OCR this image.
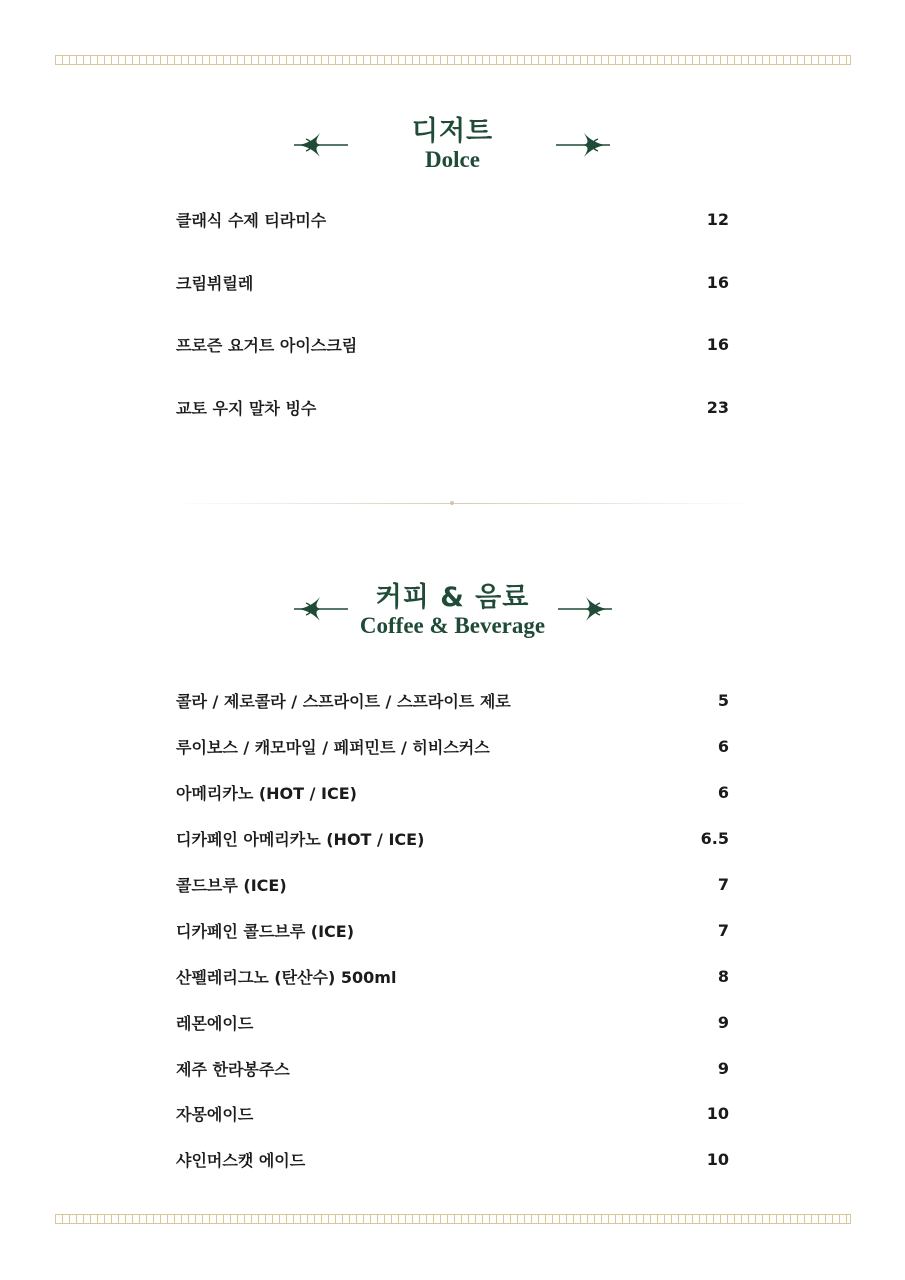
디저트
Dolce
클래식 수제 티라미수	12
크림뷔릴레	16
프로즌 요거트 아이스크림	16
교토 우지 말차 빙수	23
커피 & 음료
Coffee & Beverage
콜라 / 제로콜라 / 스프라이트 / 스프라이트 제로	5
루이보스 / 캐모마일 / 페퍼민트 / 히비스커스	6
아메리카노 (HOT / ICE)	6
디카페인 아메리카노 (HOT / ICE)	6.5
콜드브루 (ICE)	7
디카페인 콜드브루 (ICE)	7
산펠레리그노 (탄산수) 500ml	8
레몬에이드	9
제주 한라봉주스	9
자몽에이드	10
샤인머스캣 에이드	10
